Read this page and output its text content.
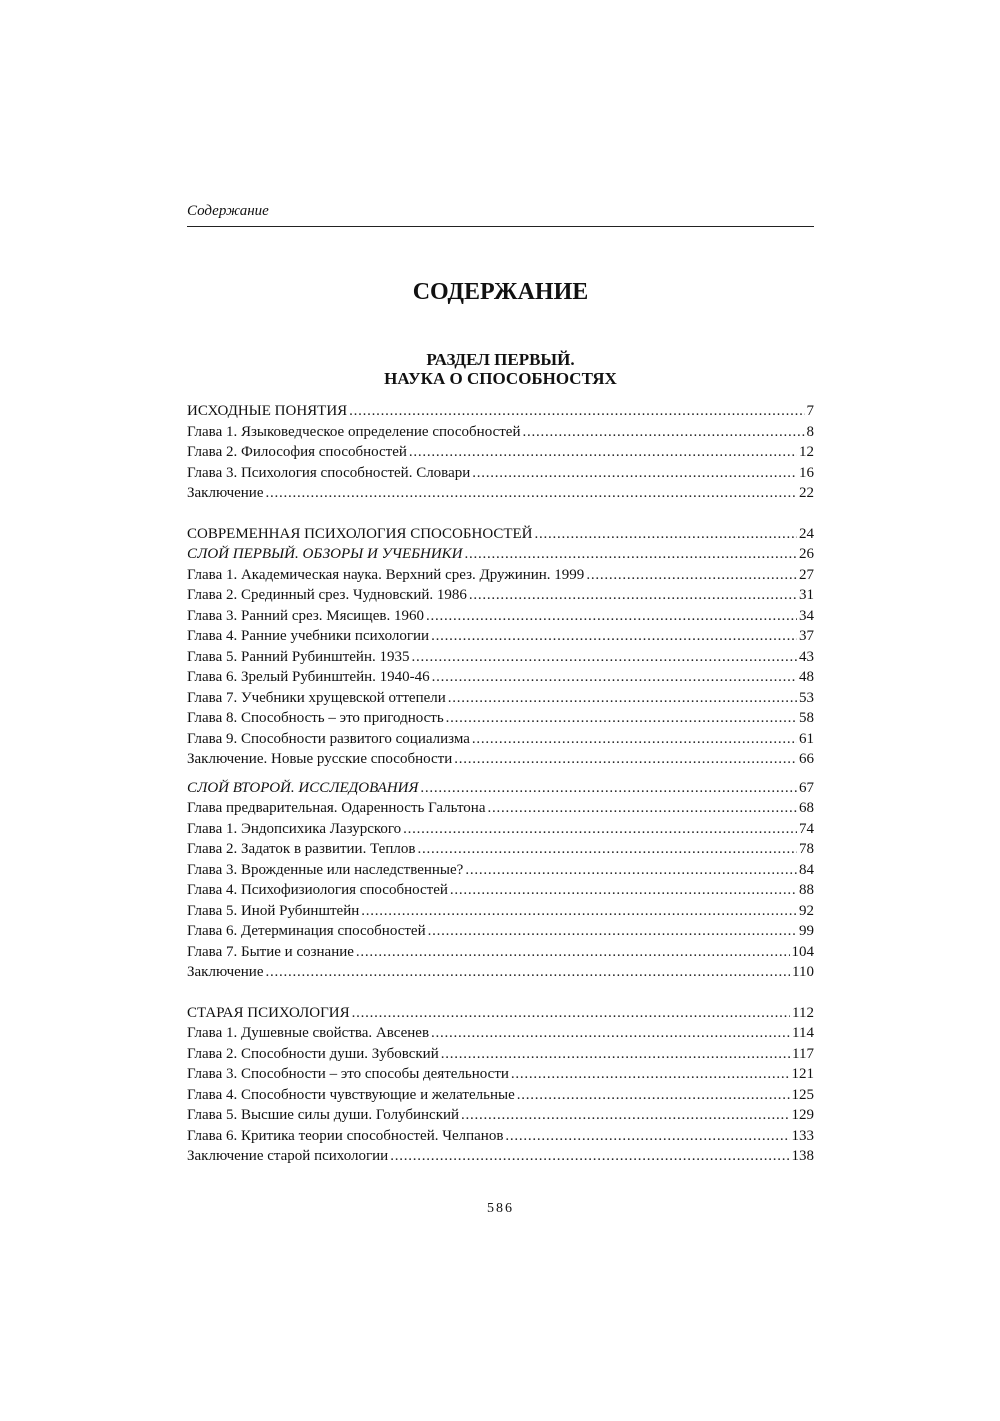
Содержание
СОДЕРЖАНИЕ
РАЗДЕЛ ПЕРВЫЙ.
НАУКА О СПОСОБНОСТЯХ
ИСХОДНЫЕ ПОНЯТИЯ . . .	7
Глава 1. Языковедческое определение способностей . . .	8
Глава 2. Философия способностей . . .	12
Глава 3. Психология способностей. Словари . . .	16
Заключение . . .	22
СОВРЕМЕННАЯ ПСИХОЛОГИЯ СПОСОБНОСТЕЙ . . .	24
СЛОЙ ПЕРВЫЙ. ОБЗОРЫ И УЧЕБНИКИ . . .	26
Глава 1. Академическая наука. Верхний срез. Дружинин. 1999 . . .	27
Глава 2. Срединный срез. Чудновский. 1986 . . .	31
Глава 3. Ранний срез. Мясищев. 1960 . . .	34
Глава 4. Ранние учебники психологии . . .	37
Глава 5. Ранний Рубинштейн. 1935 . . .	43
Глава 6. Зрелый Рубинштейн. 1940-46 . . .	48
Глава 7. Учебники хрущевской оттепели . . .	53
Глава 8. Способность – это пригодность . . .	58
Глава 9. Способности развитого социализма . . .	61
Заключение. Новые русские способности . . .	66
СЛОЙ ВТОРОЙ. ИССЛЕДОВАНИЯ . . .	67
Глава предварительная. Одаренность Гальтона . . .	68
Глава 1. Эндопсихика Лазурского . . .	74
Глава 2. Задаток в развитии. Теплов . . .	78
Глава 3. Врожденные или наследственные? . . .	84
Глава 4. Психофизиология способностей . . .	88
Глава 5. Иной Рубинштейн . . .	92
Глава 6. Детерминация способностей . . .	99
Глава 7. Бытие и сознание . . .	104
Заключение . . .	110
СТАРАЯ ПСИХОЛОГИЯ . . .	112
Глава 1. Душевные свойства. Авсенев . . .	114
Глава 2. Способности души. Зубовский . . .	117
Глава 3. Способности – это способы деятельности . . .	121
Глава 4. Способности чувствующие и желательные . . .	125
Глава 5. Высшие силы души. Голубинский . . .	129
Глава 6. Критика теории способностей. Челпанов . . .	133
Заключение старой психологии . . .	138
586
